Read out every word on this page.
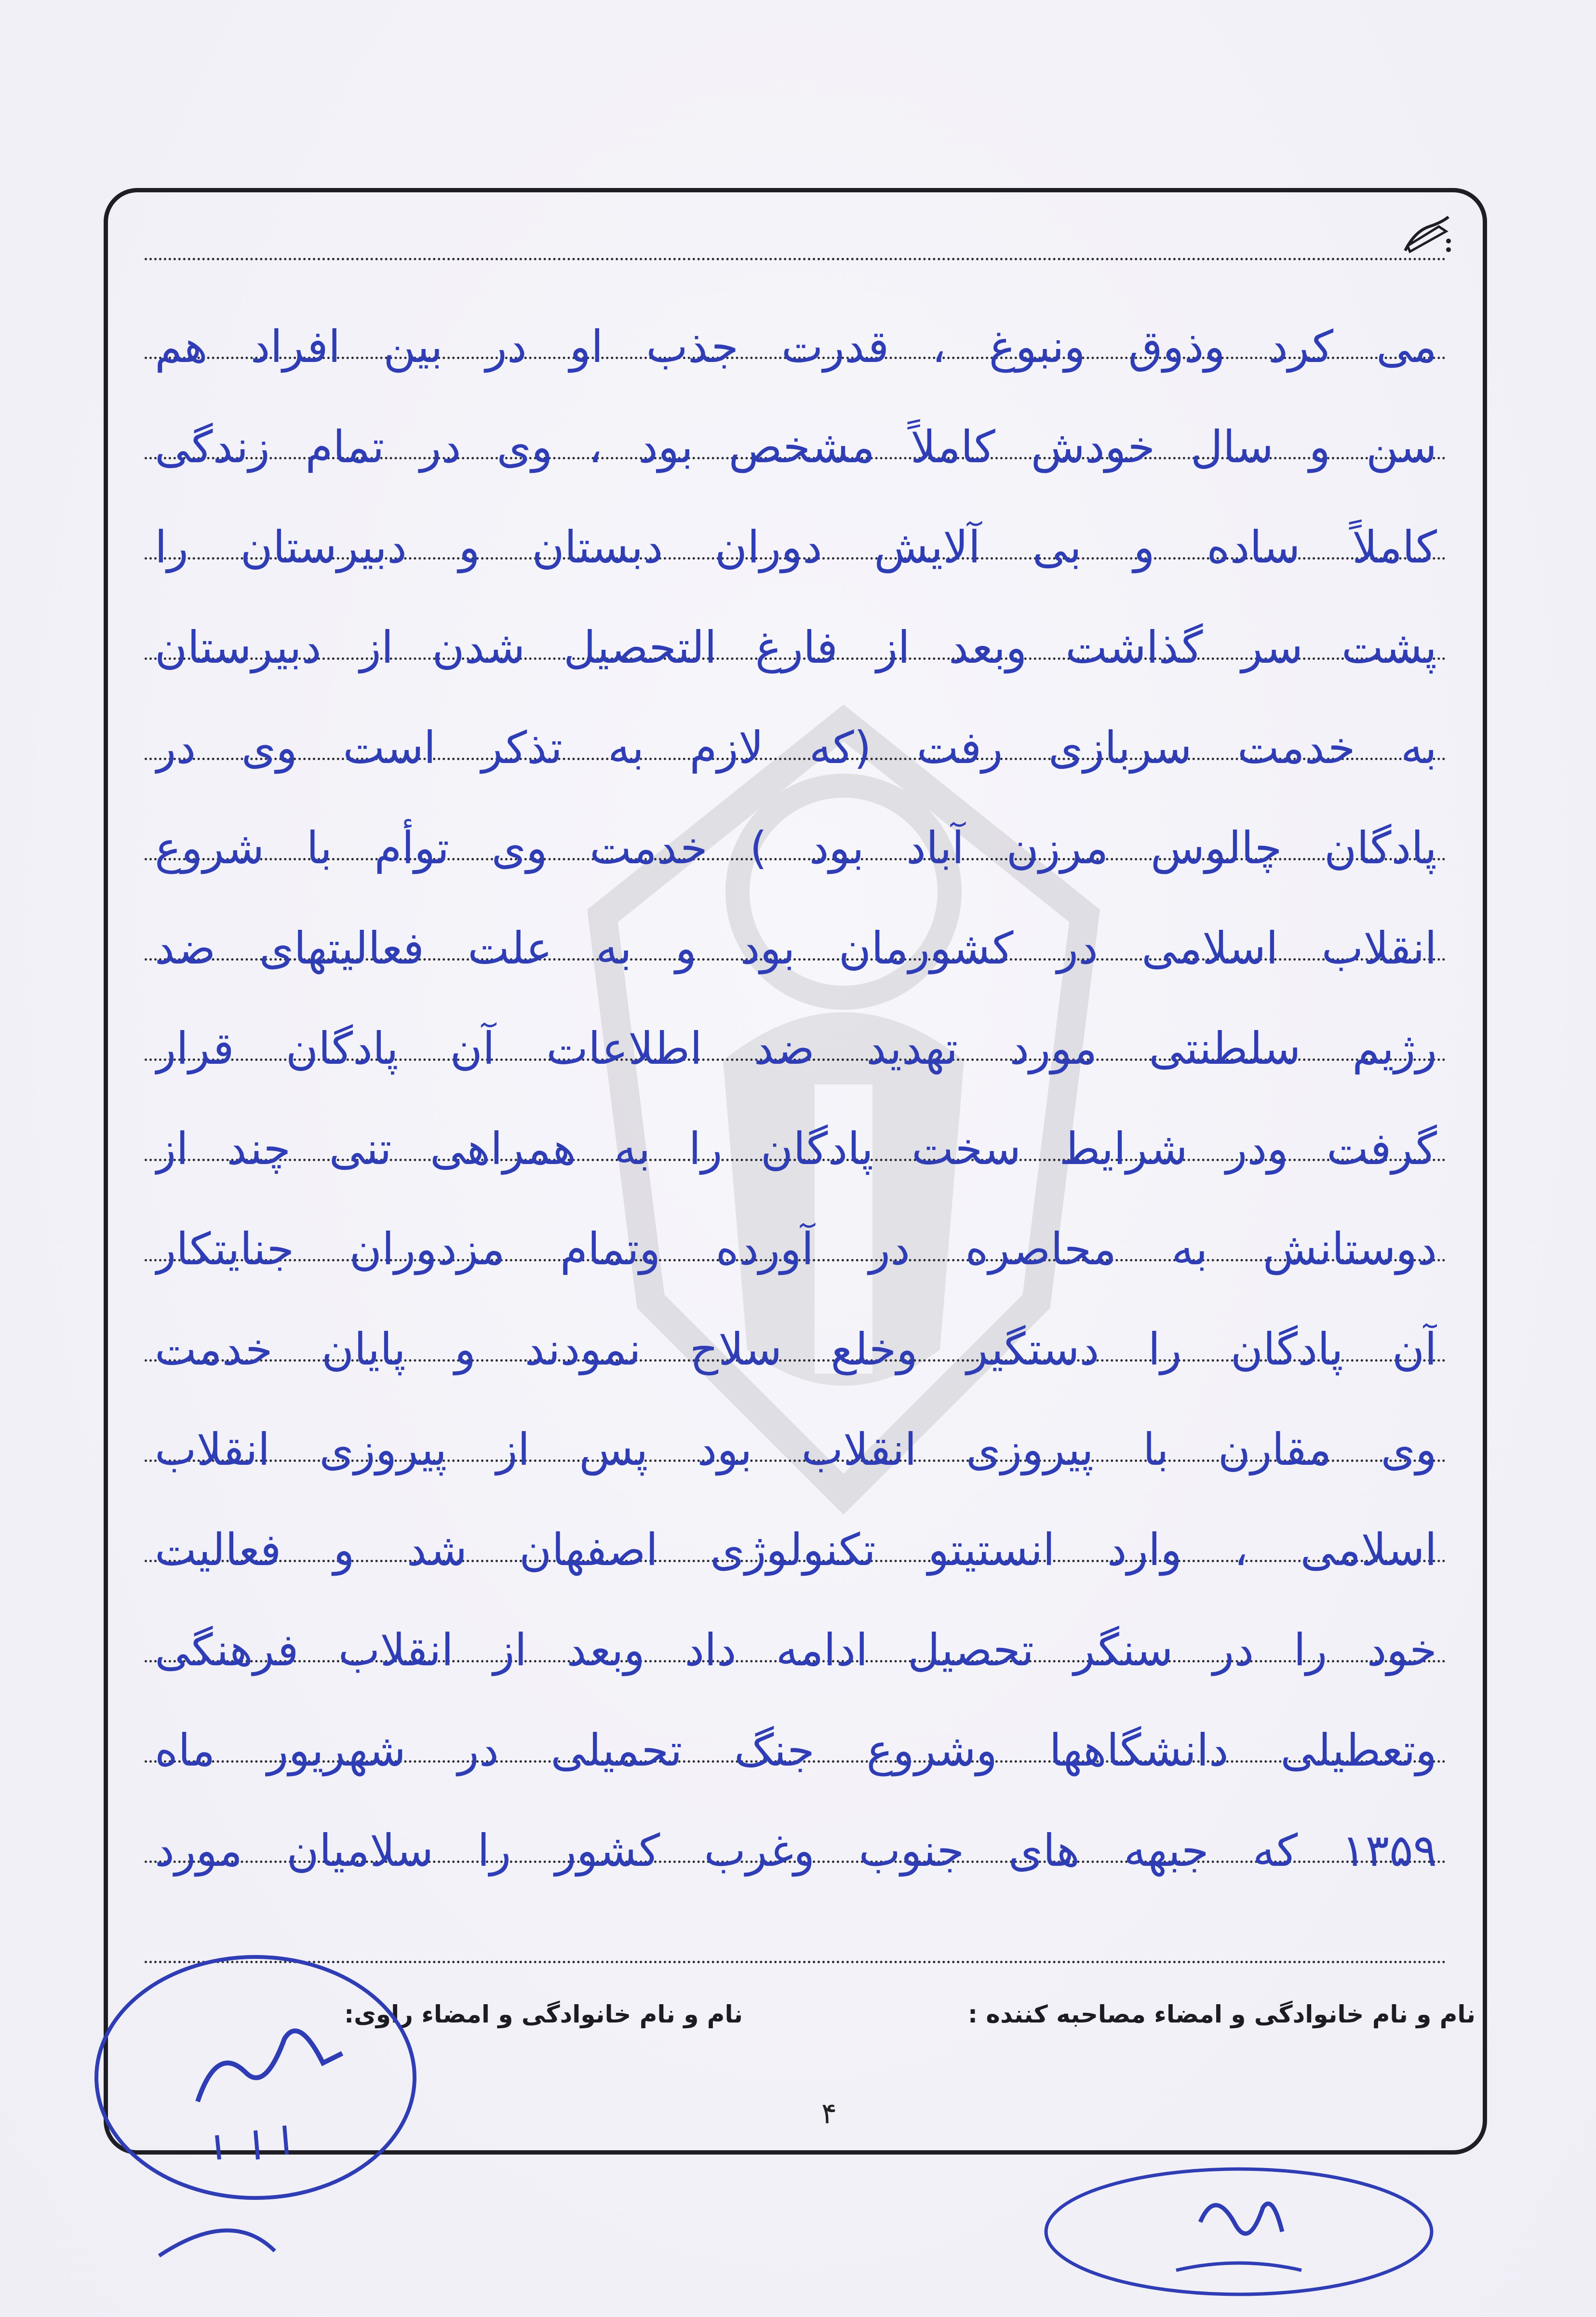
می کرد وذوق ونبوغ ، قدرت جذب او در بین افراد هم
سن و سال خودش کاملاً مشخص بود ، وی در تمام زندگی
کاملاً ساده و بی آلایش دوران دبستان و دبیرستان را
پشت سر گذاشت وبعد از فارغ التحصیل شدن از دبیرستان
به خدمت سربازی رفت (که لازم به تذکر است وی در
پادگان چالوس مرزن آباد بود ) خدمت وی توأم با شروع
انقلاب اسلامی در کشورمان بود و به علت فعالیتهای ضد
رژیم سلطنتی مورد تهدید ضد اطلاعات آن پادگان قرار
گرفت ودر شرایط سخت پادگان را به همراهی تنی چند از
دوستانش به محاصره در آورده وتمام مزدوران جنایتکار
آن پادگان را دستگیر وخلع سلاح نمودند و پایان خدمت
وی مقارن با پیروزی انقلاب بود پس از پیروزی انقلاب
اسلامی ، وارد انستیتو تکنولوژی اصفهان شد و فعالیت
خود را در سنگر تحصیل ادامه داد وبعد از انقلاب فرهنگی
وتعطیلی دانشگاهها وشروع جنگ تحمیلی در شهریور ماه
۱۳۵۹ که جبهه های جنوب وغرب کشور را سلامیان مورد
نام و نام خانوادگی و امضاء مصاحبه کننده :
نام و نام خانوادگی و امضاء راوی:
۴
